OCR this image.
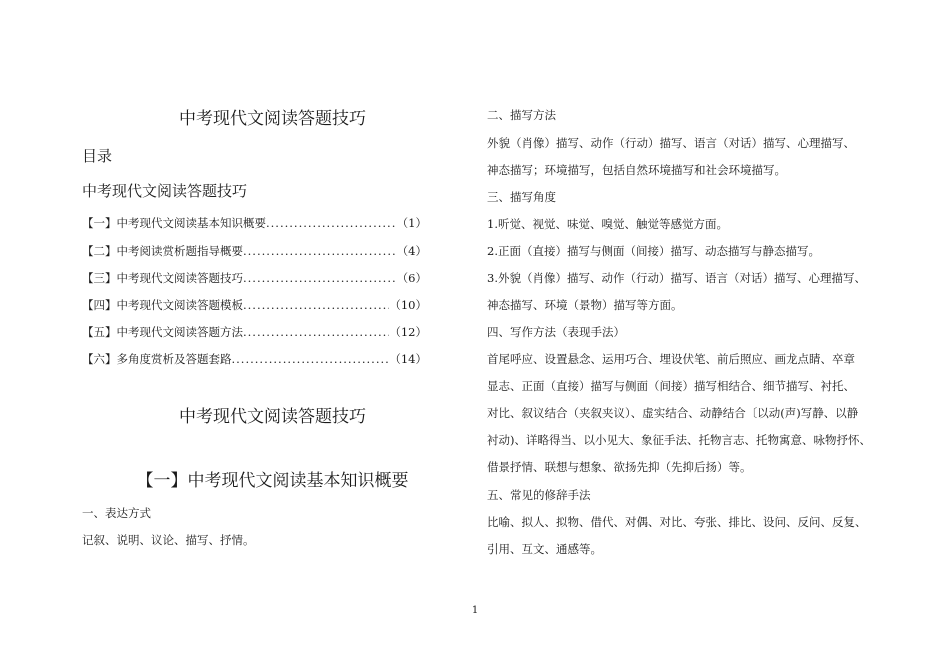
中考现代文阅读答题技巧
目录
中考现代文阅读答题技巧
【一】中考现代文阅读基本知识概要 .....	（1）
【二】中考阅读赏析题指导概要 .....	（4）
【三】中考现代文阅读答题技巧 .....	（6）
【四】中考现代文阅读答题模板 .....	（10）
【五】中考现代文阅读答题方法 .....	（12）
【六】多角度赏析及答题套路 .....	（14）
中考现代文阅读答题技巧
【一】中考现代文阅读基本知识概要
一、表达方式
记叙、说明、议论、描写、抒情。
二、描写方法
外貌（肖像）描写、动作（行动）描写、语言（对话）描写、心理描写、
神态描写；环境描写，包括自然环境描写和社会环境描写。
三、描写角度
1.听觉、视觉、味觉、嗅觉、触觉等感觉方面。
2.正面（直接）描写与侧面（间接）描写、动态描写与静态描写。
3.外貌（肖像）描写、动作（行动）描写、语言（对话）描写、心理描写、
神态描写、环境（景物）描写等方面。
四、写作方法（表现手法）
首尾呼应、设置悬念、运用巧合、埋设伏笔、前后照应、画龙点睛、卒章
显志、正面（直接）描写与侧面（间接）描写相结合、细节描写、衬托、
对比、叙议结合（夹叙夹议）、虚实结合、动静结合〔以动(声)写静、以静
衬动)、详略得当、以小见大、象征手法、托物言志、托物寓意、咏物抒怀、
借景抒情、联想与想象、欲扬先抑（先抑后扬）等。
五、常见的修辞手法
比喻、拟人、拟物、借代、对偶、对比、夸张、排比、设问、反问、反复、
引用、互文、通感等。
1
